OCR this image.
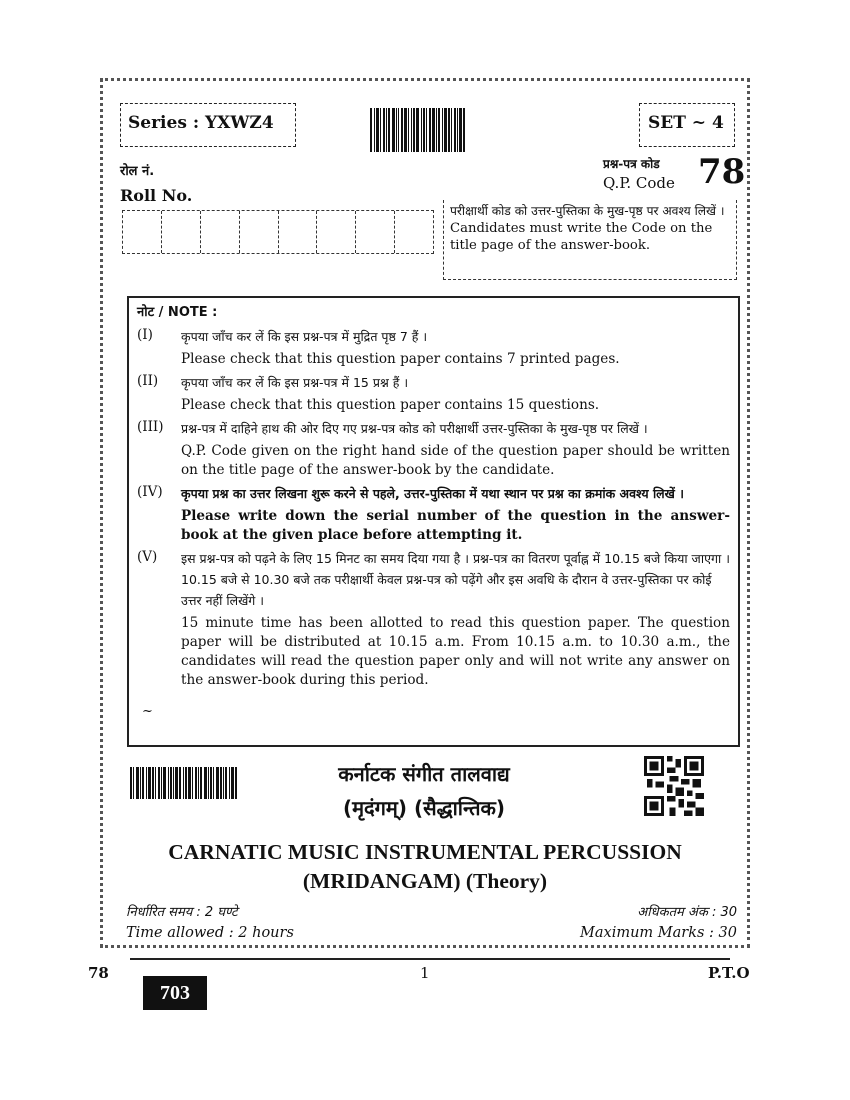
Series : YXWZ4	SET ~ 4
रोल नं.
Roll No.
प्रश्न-पत्र कोड
Q.P. Code 78
परीक्षार्थी कोड को उत्तर-पुस्तिका के मुख-पृष्ठ पर अवश्य लिखें ।
Candidates must write the Code on the title page of the answer-book.
नोट / NOTE :
(I)	कृपया जाँच कर लें कि इस प्रश्न-पत्र में मुद्रित पृष्ठ 7 हैं ।
Please check that this question paper contains 7 printed pages.
(II)	कृपया जाँच कर लें कि इस प्रश्न-पत्र में 15 प्रश्न हैं ।
Please check that this question paper contains 15 questions.
(III)	प्रश्न-पत्र में दाहिने हाथ की ओर दिए गए प्रश्न-पत्र कोड को परीक्षार्थी उत्तर-पुस्तिका के मुख-पृष्ठ पर लिखें ।
Q.P. Code given on the right hand side of the question paper should be written on the title page of the answer-book by the candidate.
(IV)	कृपया प्रश्न का उत्तर लिखना शुरू करने से पहले, उत्तर-पुस्तिका में यथा स्थान पर प्रश्न का क्रमांक अवश्य लिखें ।
Please write down the serial number of the question in the answer-book at the given place before attempting it.
(V)	इस प्रश्न-पत्र को पढ़ने के लिए 15 मिनट का समय दिया गया है । प्रश्न-पत्र का वितरण पूर्वाह्न में 10.15 बजे किया जाएगा । 10.15 बजे से 10.30 बजे तक परीक्षार्थी केवल प्रश्न-पत्र को पढ़ेंगे और इस अवधि के दौरान वे उत्तर-पुस्तिका पर कोई उत्तर नहीं लिखेंगे ।
15 minute time has been allotted to read this question paper. The question paper will be distributed at 10.15 a.m. From 10.15 a.m. to 10.30 a.m., the candidates will read the question paper only and will not write any answer on the answer-book during this period.
~
कर्नाटक संगीत तालवाद्य
(मृदंगम्) (सैद्धान्तिक)
CARNATIC MUSIC INSTRUMENTAL PERCUSSION
(MRIDANGAM) (Theory)
निर्धारित समय : 2 घण्टे
Time allowed : 2 hours
अधिकतम अंक : 30
Maximum Marks : 30
78	1	P.T.O
703
